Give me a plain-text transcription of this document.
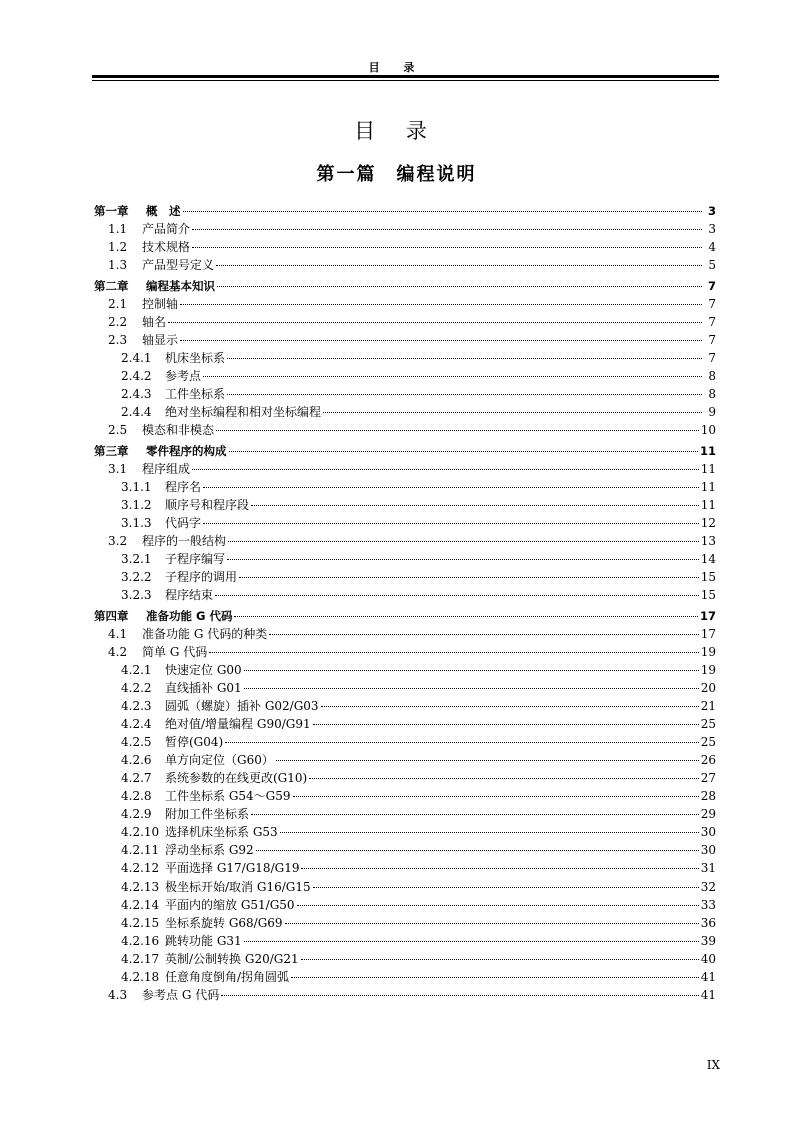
目 录
目 录
第一篇　编程说明
第一章	概　述	3
1.1	产品简介	3
1.2	技术规格	4
1.3	产品型号定义	5
第二章	编程基本知识	7
2.1	控制轴	7
2.2	轴名	7
2.3	轴显示	7
2.4.1	机床坐标系	7
2.4.2	参考点	8
2.4.3	工件坐标系	8
2.4.4	绝对坐标编程和相对坐标编程	9
2.5	模态和非模态	10
第三章	零件程序的构成	11
3.1	程序组成	11
3.1.1	程序名	11
3.1.2	顺序号和程序段	11
3.1.3	代码字	12
3.2	程序的一般结构	13
3.2.1	子程序编写	14
3.2.2	子程序的调用	15
3.2.3	程序结束	15
第四章	准备功能 G 代码	17
4.1	准备功能 G 代码的种类	17
4.2	简单 G 代码	19
4.2.1	快速定位 G00	19
4.2.2	直线插补 G01	20
4.2.3	圆弧（螺旋）插补 G02/G03	21
4.2.4	绝对值/增量编程 G90/G91	25
4.2.5	暂停(G04)	25
4.2.6	单方向定位（G60）	26
4.2.7	系统参数的在线更改(G10)	27
4.2.8	工件坐标系 G54～G59	28
4.2.9	附加工件坐标系	29
4.2.10 选择机床坐标系 G53	30
4.2.11 浮动坐标系 G92	30
4.2.12 平面选择 G17/G18/G19	31
4.2.13 极坐标开始/取消 G16/G15	32
4.2.14 平面内的缩放 G51/G50	33
4.2.15 坐标系旋转 G68/G69	36
4.2.16 跳转功能 G31	39
4.2.17 英制/公制转换 G20/G21	40
4.2.18 任意角度倒角/拐角圆弧	41
4.3	参考点 G 代码	41
IX
